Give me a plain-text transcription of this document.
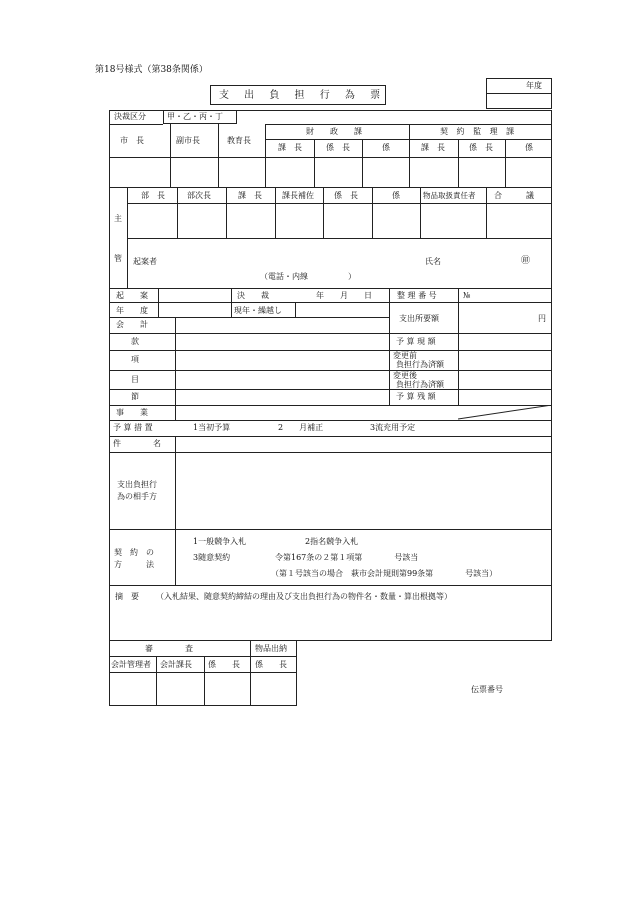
第18号様式（第38条関係）
支 出 負 担 行 為 票
年度
決裁区分	甲・乙・丙・丁
市　長	副市長	教育長
財　　政　　課	契 約 監 理 課
課　長	係　長	係	課　長	係　長	係
主
管
部　長	部次長	課　長	課長補佐	係　長	係	物品取扱責任者 合　　　議
起案者	氏名	㊞
（電話・内線　　　　　）
起　　案	決　　裁	年　　月　　日	整 理 番 号	№
年　　度	現年・繰越し
支出所要額	円
会　　計
款	予 算 現 額
項	変更前
負担行為済額
目	変更後
負担行為済額
節	予 算 残 額
事　　業
予 算 措 置	1当初予算	2　　月補正	3流充用予定
件　　　　名
支出負担行
為の相手方
契　約　の
方　　　法
1一般競争入札	2指名競争入札
3随意契約	令第167条の２第１項第　　　　号該当
（第１号該当の場合　萩市会計規則第99条第　　　　号該当）
摘　要 （入札結果、随意契約締結の理由及び支出負担行為の物件名・数量・算出根拠等）
審　　　　査	物品出納
会計管理者 会計課長 係　　長 係　　長
伝票番号
